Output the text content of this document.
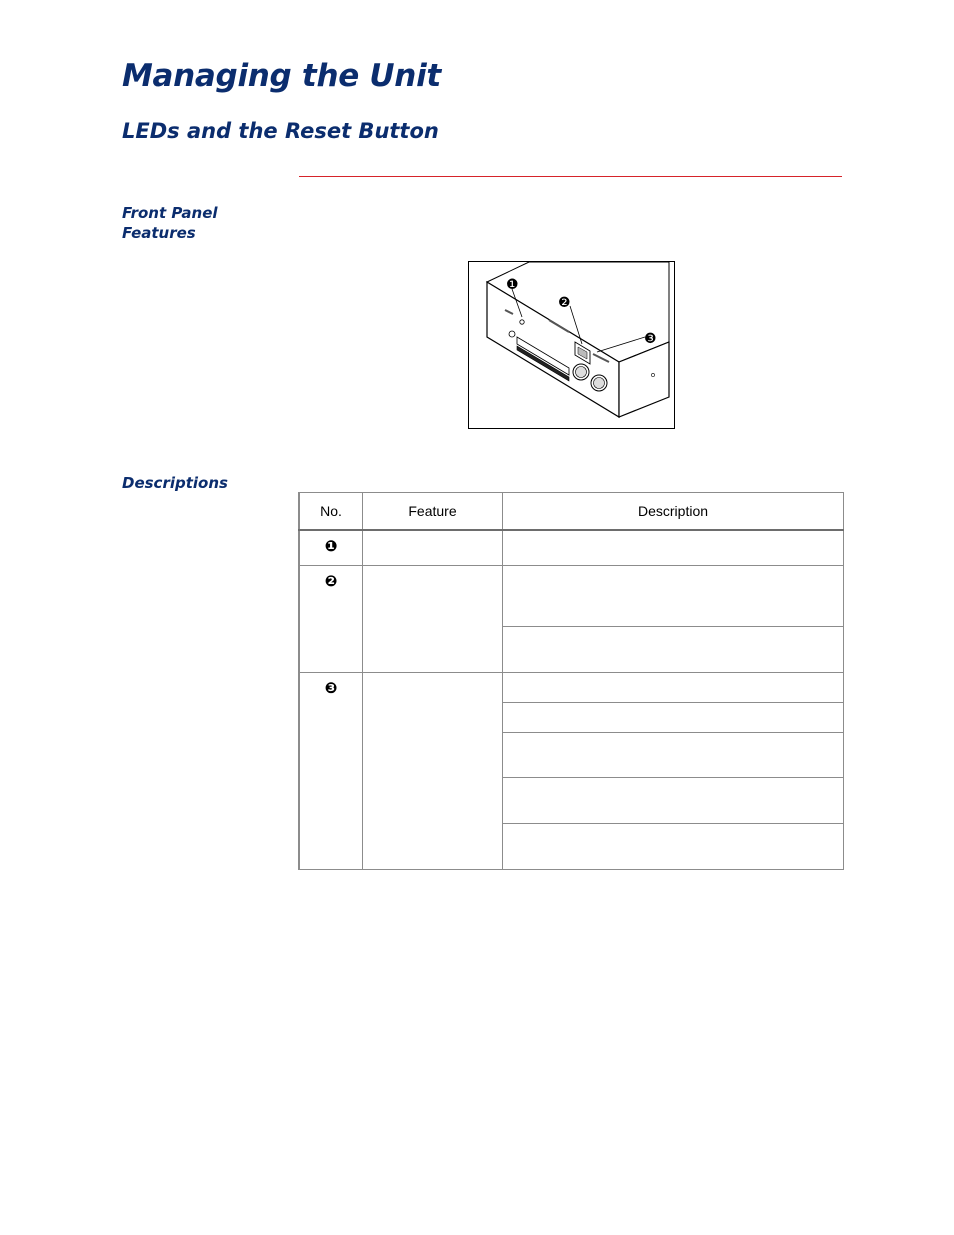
Managing the Unit
LEDs and the Reset Button
Front Panel
Features
❶
❷
❸
Descriptions
No.	Feature	Description
❶		
❷		

❸		
